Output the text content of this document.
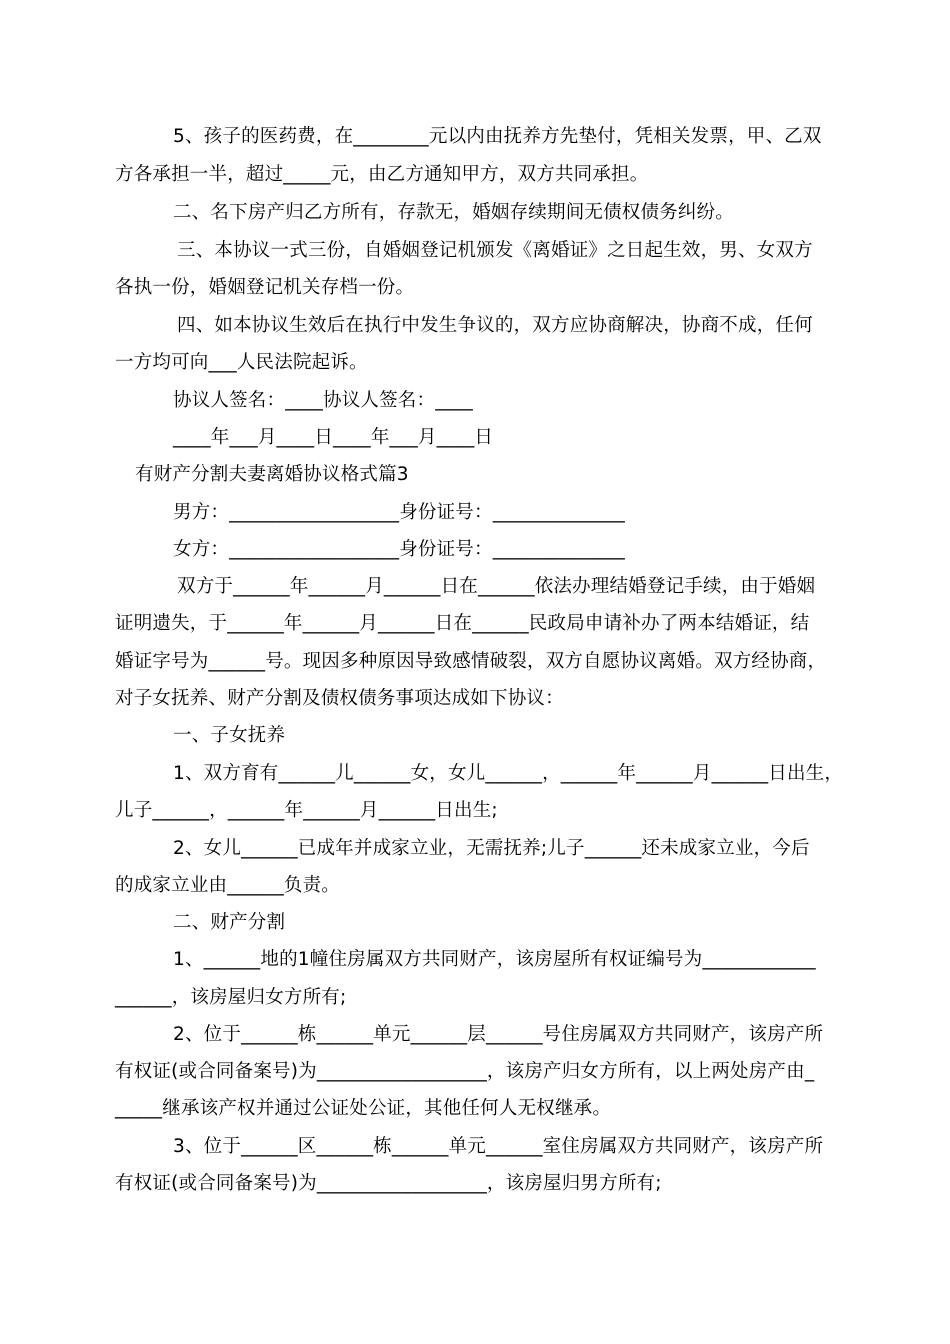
5、孩子的医药费，在________元以内由抚养方先垫付，凭相关发票，甲、乙双
方各承担一半，超过_____元，由乙方通知甲方，双方共同承担。
二、名下房产归乙方所有，存款无，婚姻存续期间无债权债务纠纷。
三、本协议一式三份，自婚姻登记机颁发《离婚证》之日起生效，男、女双方
各执一份，婚姻登记机关存档一份。
四、如本协议生效后在执行中发生争议的，双方应协商解决，协商不成，任何
一方均可向___人民法院起诉。
协议人签名：____协议人签名：____
____年___月____日____年___月____日
有财产分割夫妻离婚协议格式篇3
男方：__________________身份证号：______________
女方：__________________身份证号：______________
双方于______年______月______日在______依法办理结婚登记手续，由于婚姻
证明遗失，于______年______月______日在______民政局申请补办了两本结婚证，结
婚证字号为______号。现因多种原因导致感情破裂，双方自愿协议离婚。双方经协商，
对子女抚养、财产分割及债权债务事项达成如下协议：
一、子女抚养
1、双方育有______儿______女，女儿______，______年______月______日出生，
儿子______，______年______月______日出生;
2、女儿______已成年并成家立业，无需抚养;儿子______还未成家立业，今后
的成家立业由______负责。
二、财产分割
1、______地的1幢住房属双方共同财产，该房屋所有权证编号为____________
______，该房屋归女方所有;
2、位于______栋______单元______层______号住房属双方共同财产，该房产所
有权证(或合同备案号)为__________________，该房产归女方所有，以上两处房产由_
_____继承该产权并通过公证处公证，其他任何人无权继承。
3、位于______区______栋______单元______室住房属双方共同财产，该房产所
有权证(或合同备案号)为__________________，该房屋归男方所有;
